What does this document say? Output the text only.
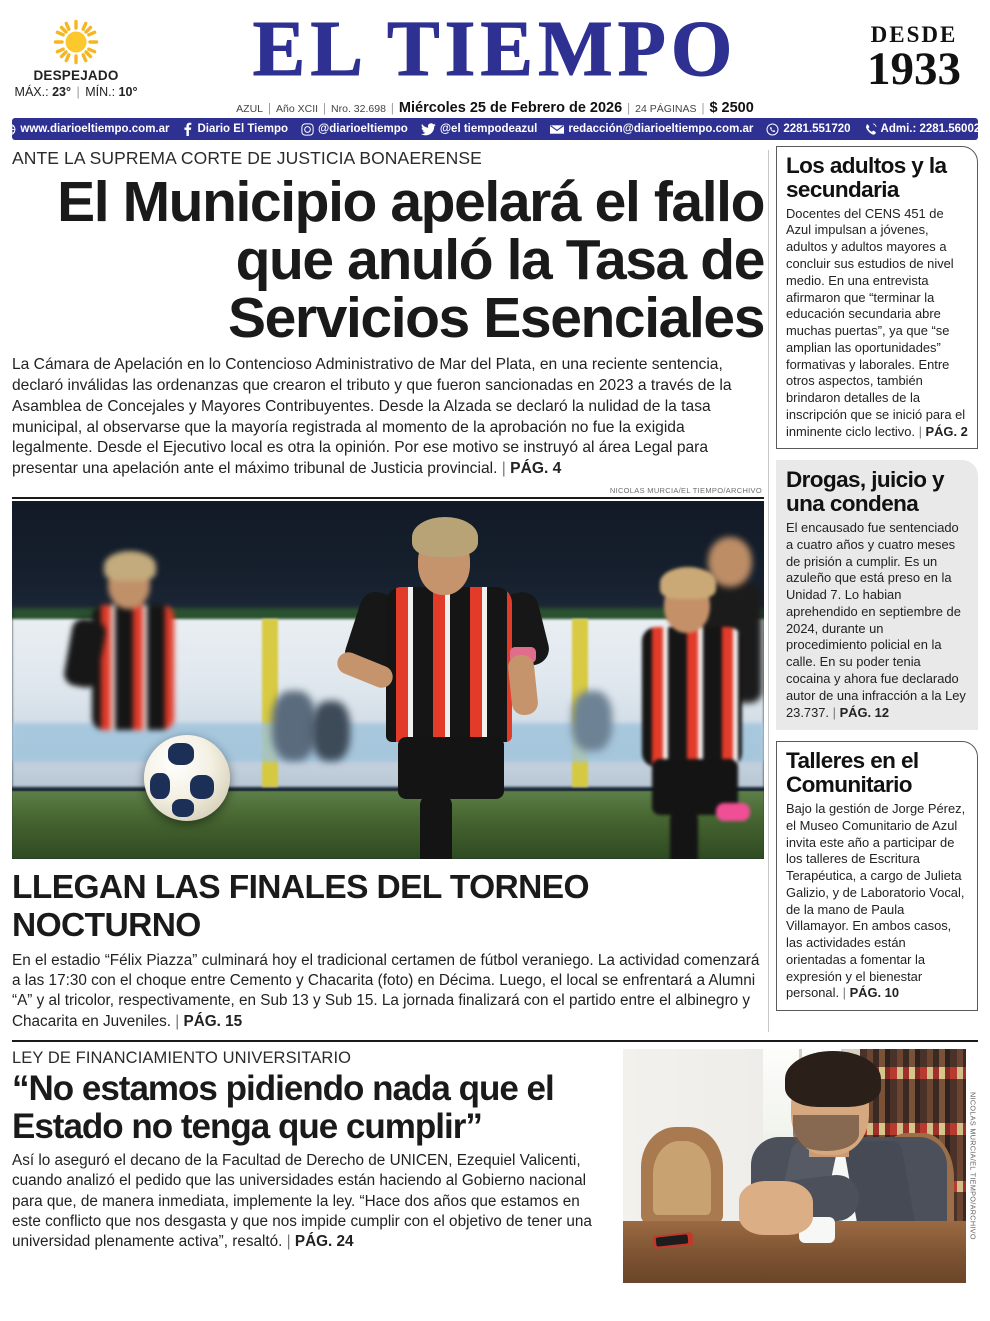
DESPEJADO
MÁX.: 23° | MÍN.: 10°	EL TIEMPO
AZUL | Año XCII | Nro. 32.698 | Miércoles 25 de Febrero de 2026 | 24 PÁGINAS | $ 2500
DESDE
1933
www.diarioeltiempo.com.ar Diario El Tiempo	@diarioeltiempo	@el tiempodeazul	redacción@diarioeltiempo.com.ar	2281.551720	Admi.: 2281.560020
ANTE LA SUPREMA CORTE DE JUSTICIA BONAERENSE
El Municipio apelará el fallo que anuló la Tasa de Servicios Esenciales
La Cámara de Apelación en lo Contencioso Administrativo de Mar del Plata, en una reciente sentencia, declaró inválidas las ordenanzas que crearon el tributo y que fueron sancionadas en 2023 a través de la Asamblea de Concejales y Mayores Contribuyentes. Desde la Alzada se declaró la nulidad de la tasa municipal, al observarse que la mayoría registrada al momento de la aprobación no fue la exigida legalmente. Desde el Ejecutivo local es otra la opinión. Por ese motivo se instruyó al área Legal para presentar una apelación ante el máximo tribunal de Justicia provincial. | PÁG. 4
NICOLAS MURCIA/EL TIEMPO/ARCHIVO
LLEGAN LAS FINALES DEL TORNEO NOCTURNO
En el estadio “Félix Piazza” culminará hoy el tradicional certamen de fútbol veraniego. La actividad comenzará a las 17:30 con el choque entre Cemento y Chacarita (foto) en Décima. Luego, el local se enfrentará a Alumni “A” y al tricolor, respectivamente, en Sub 13 y Sub 15. La jornada finalizará con el partido entre el albinegro y Chacarita en Juveniles. | PÁG. 15
Los adultos y la secundaria

Docentes del CENS 451 de Azul impulsan a jóvenes, adultos y adultos mayores a concluir sus estudios de nivel medio. En una entrevista afirmaron que “terminar la educación secundaria abre muchas puertas”, ya que “se amplian las oportunidades” formativas y laborales. Entre otros aspectos, también brindaron detalles de la inscripción que se inició para el inminente ciclo lectivo. | PÁG. 2

Drogas, juicio y una condena

El encausado fue sentenciado a cuatro años y cuatro meses de prisión a cumplir. Es un azuleño que está preso en la Unidad 7. Lo habian aprehendido en septiembre de 2024, durante un procedimiento policial en la calle. En su poder tenia cocaina y ahora fue declarado autor de una infracción a la Ley 23.737. | PÁG. 12

Talleres en el Comunitario

Bajo la gestión de Jorge Pérez, el Museo Comunitario de Azul invita este año a participar de los talleres de Escritura Terapéutica, a cargo de Julieta Galizio, y de Laboratorio Vocal, de la mano de Paula Villamayor. En ambos casos, las actividades están orientadas a fomentar la expresión y el bienestar personal. | PÁG. 10

LEY DE FINANCIAMIENTO UNIVERSITARIO
“No estamos pidiendo nada que el Estado no tenga que cumplir”
Así lo aseguró el decano de la Facultad de Derecho de UNICEN, Ezequiel Valicenti, cuando analizó el pedido que las universidades están haciendo al Gobierno nacional para que, de manera inmediata, implemente la ley. “Hace dos años que estamos en este conflicto que nos desgasta y que nos impide cumplir con el objetivo de tener una universidad plenamente activa”, resaltó. | PÁG. 24
NICOLAS MURCIA/EL TIEMPO/ARCHIVO
